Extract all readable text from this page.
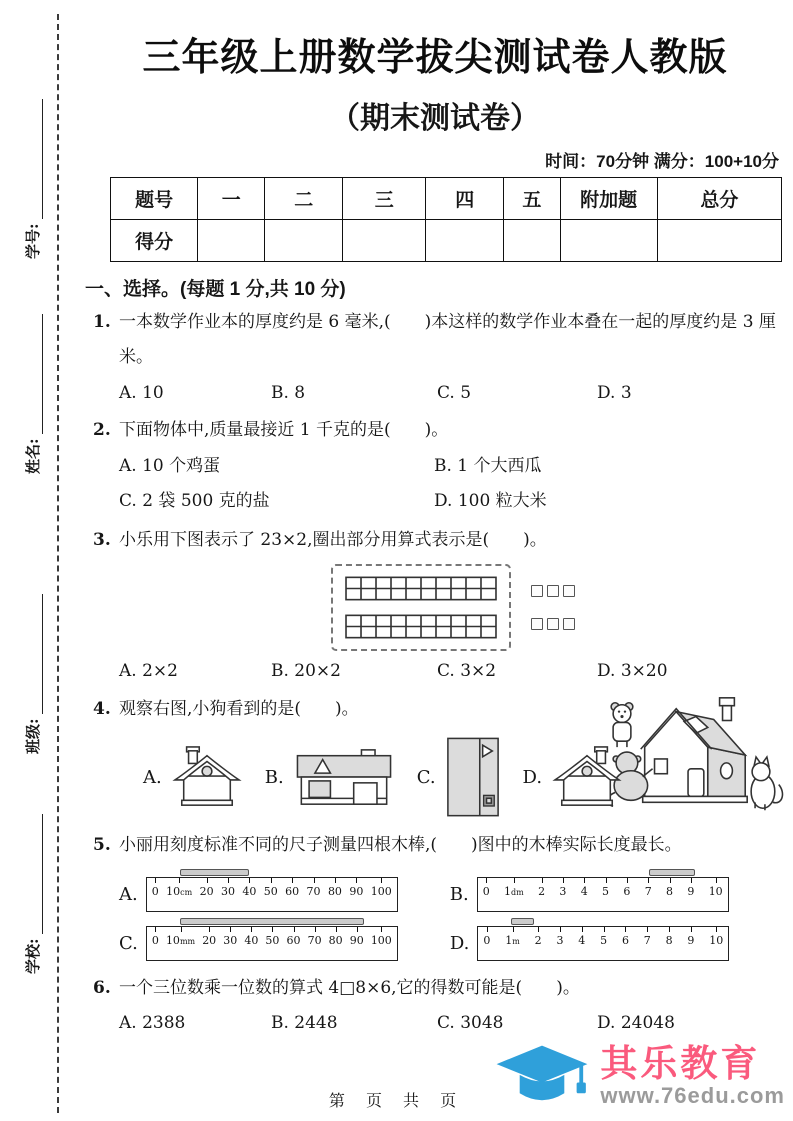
学号:
姓名:
班级:
学校:
三年级上册数学拔尖测试卷人教版
（期末测试卷）
时间：70分钟 满分：100+10分
题号	一	二	三	四	五	附加题	总分
得分							
一、选择。(每题 1 分,共 10 分)
1. 一本数学作业本的厚度约是 6 毫米,(　　)本这样的数学作业本叠在一起的厚度约是 3 厘米。
A. 10	B. 8	C. 5	D. 3
2. 下面物体中,质量最接近 1 千克的是(　　)。
A. 10 个鸡蛋	B. 1 个大西瓜
C. 2 袋 500 克的盐	D. 100 粒大米
3. 小乐用下图表示了 23×2,圈出部分用算式表示是(　　)。
A. 2×2	B. 20×2	C. 3×2	D. 3×20
4. 观察右图,小狗看到的是(　　)。
A.	B.	C.	D.
5. 小丽用刻度标准不同的尺子测量四根木棒,(　　)图中的木棒实际长度最长。
A. 0 10cm 20 30 40 50 60 70 80 90 100	B. 0 1dm 2 3 4 5 6 7 8 9 10
C. 0 10mm 20 30 40 50 60 70 80 90 100	D. 0 1m 2 3 4 5 6 7 8 9 10
6. 一个三位数乘一位数的算式 4□8×6,它的得数可能是(　　)。
A. 2388	B. 2448	C. 3048	D. 24048
第 页 共 页
其乐教育
www.76edu.com
